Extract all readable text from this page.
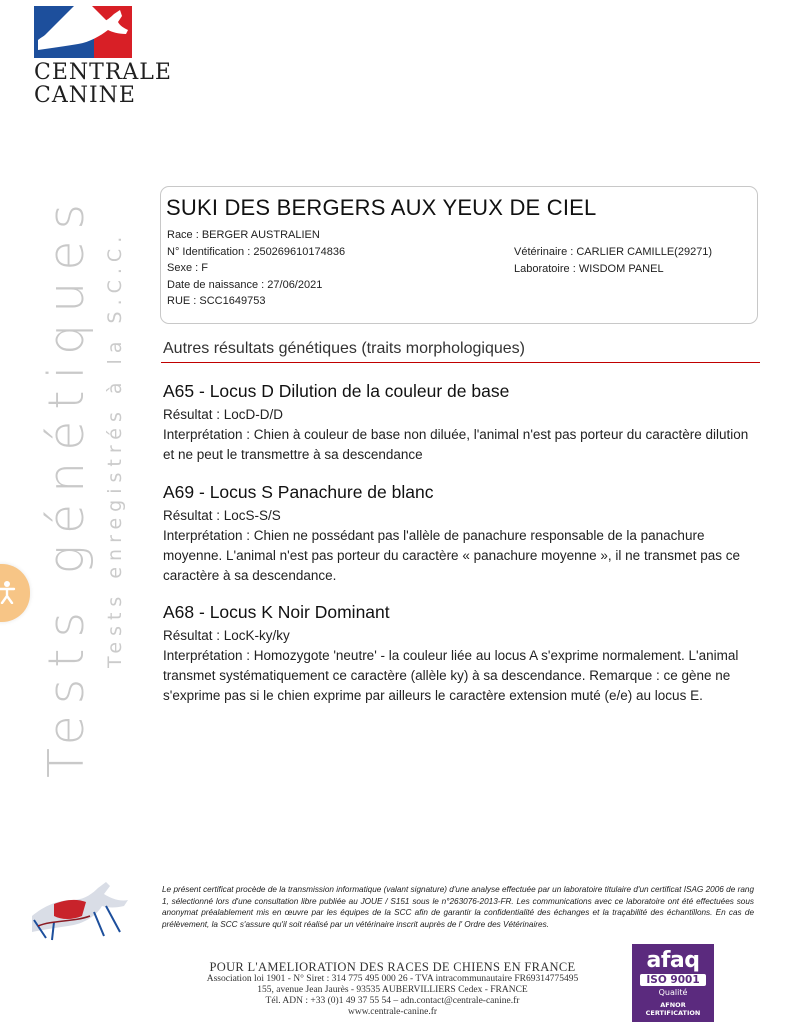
CENTRALE
CANINE
Tests génétiques Tests enregistrés à la S.C.C.
SUKI DES BERGERS AUX YEUX DE CIEL
Race : BERGER AUSTRALIEN
N° Identification : 250269610174836
Sexe : F
Date de naissance : 27/06/2021
RUE : SCC1649753
Vétérinaire : CARLIER CAMILLE(29271)
Laboratoire : WISDOM PANEL
Autres résultats génétiques (traits morphologiques)
A65 - Locus D Dilution de la couleur de base

Résultat : LocD-D/D

Interprétation : Chien à couleur de base non diluée, l'animal n'est pas porteur du caractère dilution et ne peut le transmettre à sa descendance

A69 - Locus S Panachure de blanc

Résultat : LocS-S/S

Interprétation : Chien ne possédant pas l'allèle de panachure responsable de la panachure moyenne. L'animal n'est pas porteur du caractère « panachure moyenne », il ne transmet pas ce caractère à sa descendance.

A68 - Locus K Noir Dominant

Résultat : LocK-ky/ky

Interprétation : Homozygote 'neutre' - la couleur liée au locus A s'exprime normalement. L'animal transmet systématiquement ce caractère (allèle ky) à sa descendance. Remarque : ce gène ne s'exprime pas si le chien exprime par ailleurs le caractère extension muté (e/e) au locus E.

Le présent certificat procède de la transmission informatique (valant signature) d'une analyse effectuée par un laboratoire titulaire d'un certificat ISAG 2006 de rang 1, sélectionné lors d'une consultation libre publiée au JOUE / S151 sous le n°263076-2013-FR. Les communications avec ce laboratoire ont été effectuées sous anonymat préalablement mis en œuvre par les équipes de la SCC afin de garantir la confidentialité des échanges et la traçabilité des échantillons. En cas de prélèvement, la SCC s'assure qu'il soit réalisé par un vétérinaire inscrit auprès de l' Ordre des Vétérinaires.
POUR L'AMELIORATION DES RACES DE CHIENS EN FRANCE
Association loi 1901 - N° Siret : 314 775 495 000 26 - TVA intracommunautaire FR69314775495
155, avenue Jean Jaurès - 93535 AUBERVILLIERS Cedex - FRANCE
Tél. ADN : +33 (0)1 49 37 55 54 – adn.contact@centrale-canine.fr
www.centrale-canine.fr
afaq
ISO 9001
Qualité
AFNOR CERTIFICATION
